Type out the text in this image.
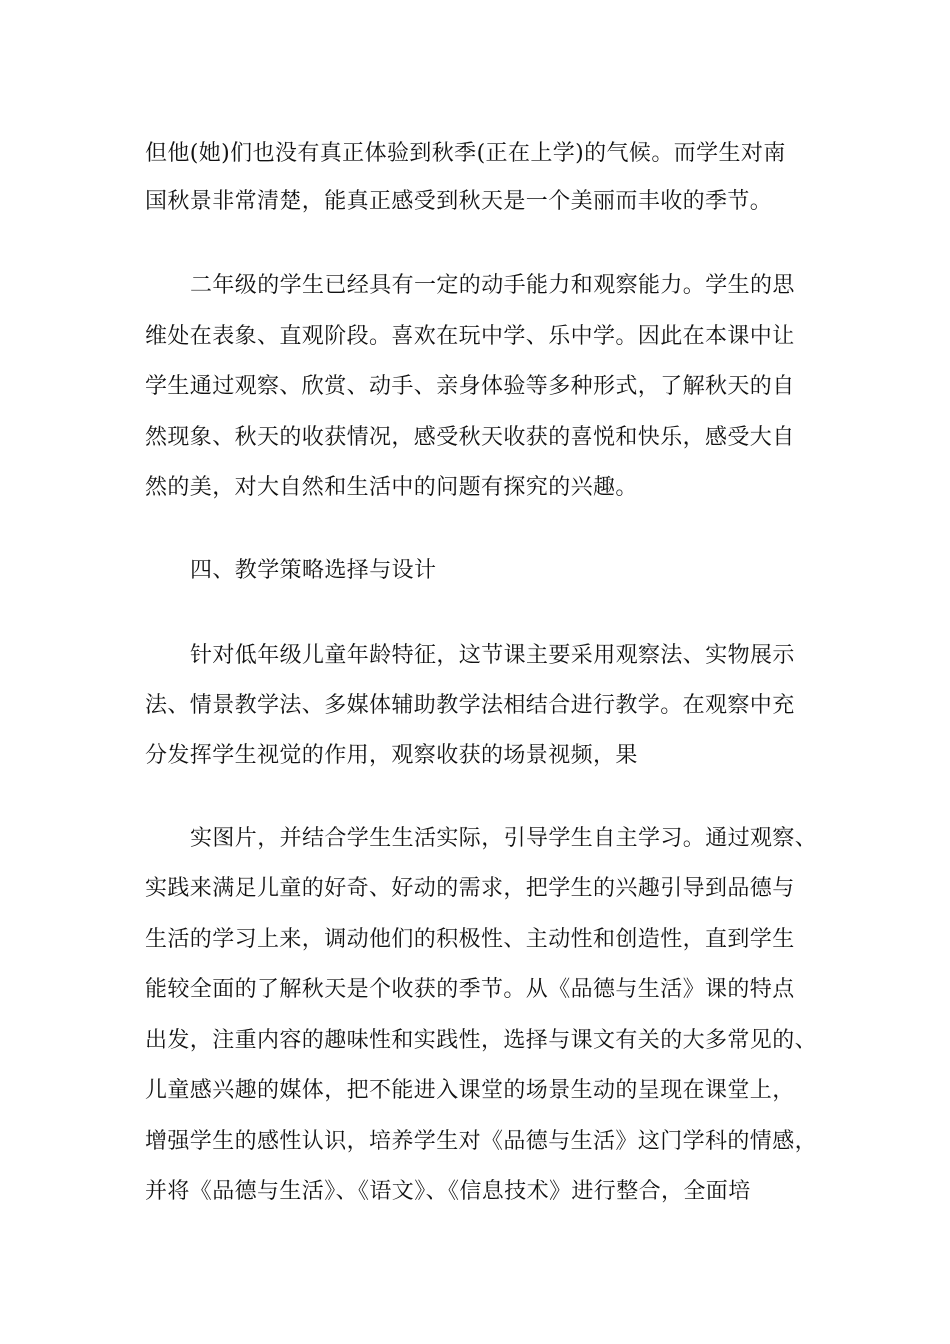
但他(她)们也没有真正体验到秋季(正在上学)的气候。而学生对南
国秋景非常清楚，能真正感受到秋天是一个美丽而丰收的季节。
二年级的学生已经具有一定的动手能力和观察能力。学生的思
维处在表象、直观阶段。喜欢在玩中学、乐中学。因此在本课中让
学生通过观察、欣赏、动手、亲身体验等多种形式，了解秋天的自
然现象、秋天的收获情况，感受秋天收获的喜悦和快乐，感受大自
然的美，对大自然和生活中的问题有探究的兴趣。
四、教学策略选择与设计
针对低年级儿童年龄特征，这节课主要采用观察法、实物展示
法、情景教学法、多媒体辅助教学法相结合进行教学。在观察中充
分发挥学生视觉的作用，观察收获的场景视频，果
实图片，并结合学生生活实际，引导学生自主学习。通过观察、
实践来满足儿童的好奇、好动的需求，把学生的兴趣引导到品德与
生活的学习上来，调动他们的积极性、主动性和创造性，直到学生
能较全面的了解秋天是个收获的季节。从《品德与生活》课的特点
出发，注重内容的趣味性和实践性，选择与课文有关的大多常见的、
儿童感兴趣的媒体，把不能进入课堂的场景生动的呈现在课堂上，
增强学生的感性认识，培养学生对《品德与生活》这门学科的情感，
并将《品德与生活》、《语文》、《信息技术》进行整合，全面培
